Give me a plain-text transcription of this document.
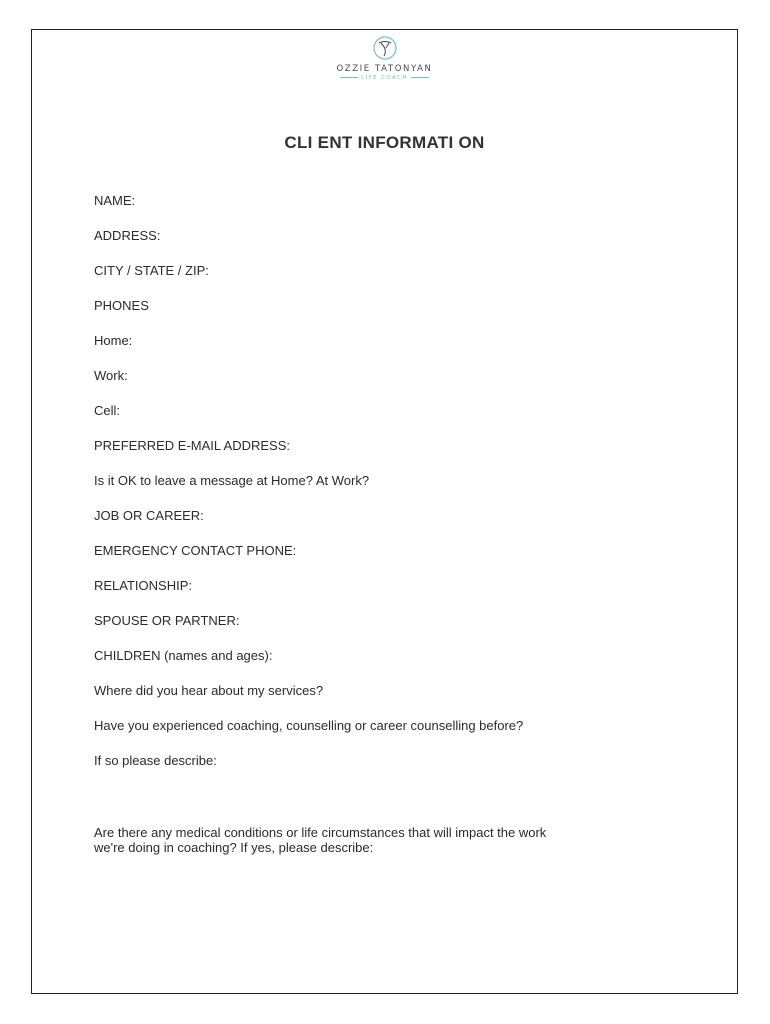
OZZIE TATONYAN
LIFE COACH
CLI ENT INFORMATI ON
NAME:
ADDRESS:
CITY / STATE / ZIP:
PHONES
Home:
Work:
Cell:
PREFERRED E-MAIL ADDRESS:
Is it OK to leave a message at Home? At Work?
JOB OR CAREER:
EMERGENCY CONTACT PHONE:
RELATIONSHIP:
SPOUSE OR PARTNER:
CHILDREN (names and ages):
Where did you hear about my services?
Have you experienced coaching, counselling or career counselling before?
If so please describe:
Are there any medical conditions or life circumstances that will impact the work
we're doing in coaching? If yes, please describe:
